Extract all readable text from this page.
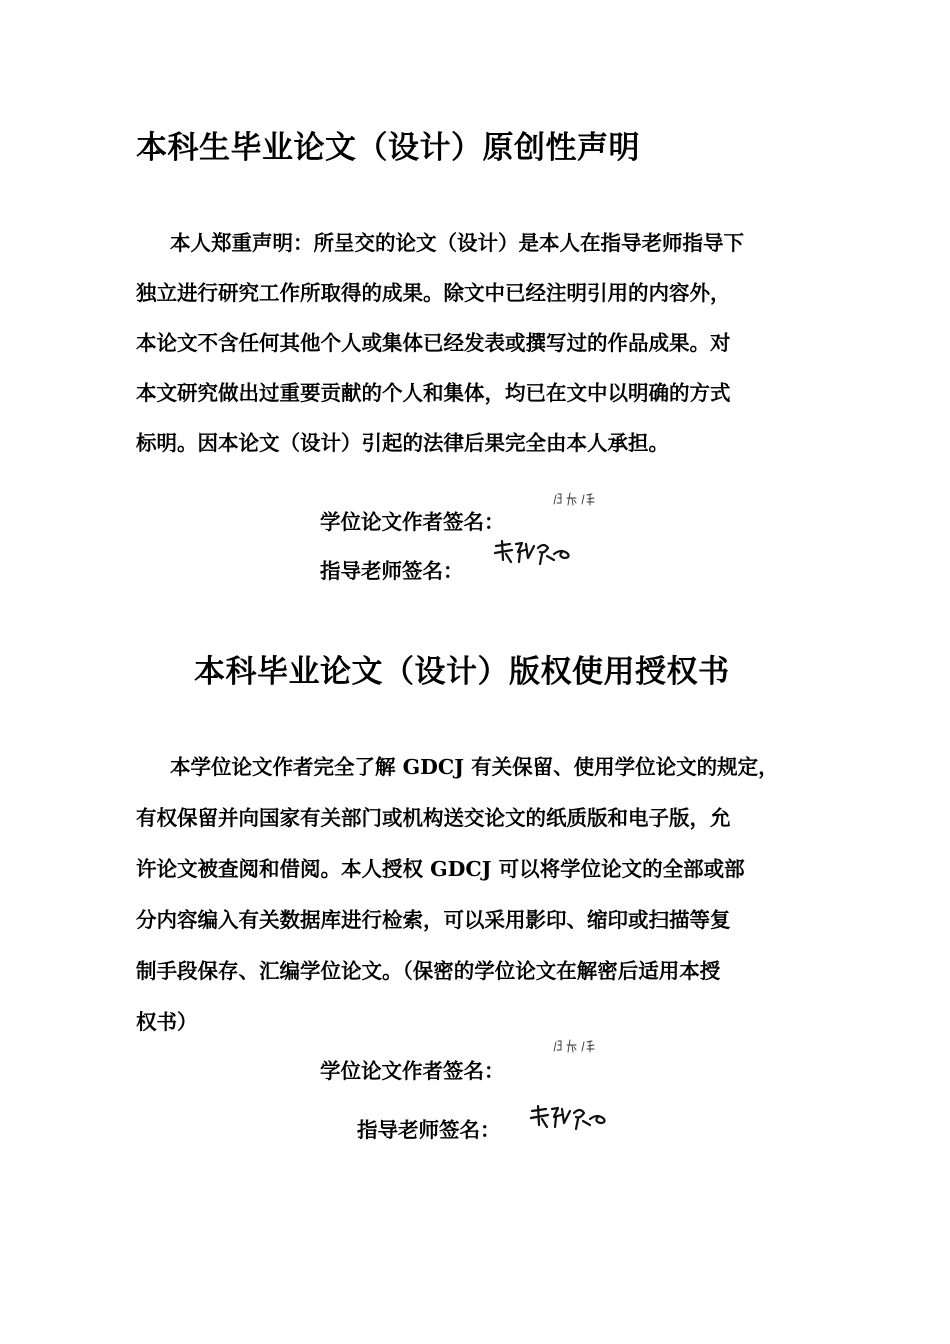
本科生毕业论文（设计）原创性声明
本人郑重声明：所呈交的论文（设计）是本人在指导老师指导下
独立进行研究工作所取得的成果。除文中已经注明引用的内容外，
本论文不含任何其他个人或集体已经发表或撰写过的作品成果。对
本文研究做出过重要贡献的个人和集体，均已在文中以明确的方式
标明。因本论文（设计）引起的法律后果完全由本人承担。
学位论文作者签名：
指导老师签名：
本科毕业论文（设计）版权使用授权书
本学位论文作者完全了解 GDCJ 有关保留、使用学位论文的规定，
有权保留并向国家有关部门或机构送交论文的纸质版和电子版，允
许论文被查阅和借阅。本人授权 GDCJ 可以将学位论文的全部或部
分内容编入有关数据库进行检索，可以采用影印、缩印或扫描等复
制手段保存、汇编学位论文。（保密的学位论文在解密后适用本授
权书）
学位论文作者签名：
指导老师签名：
